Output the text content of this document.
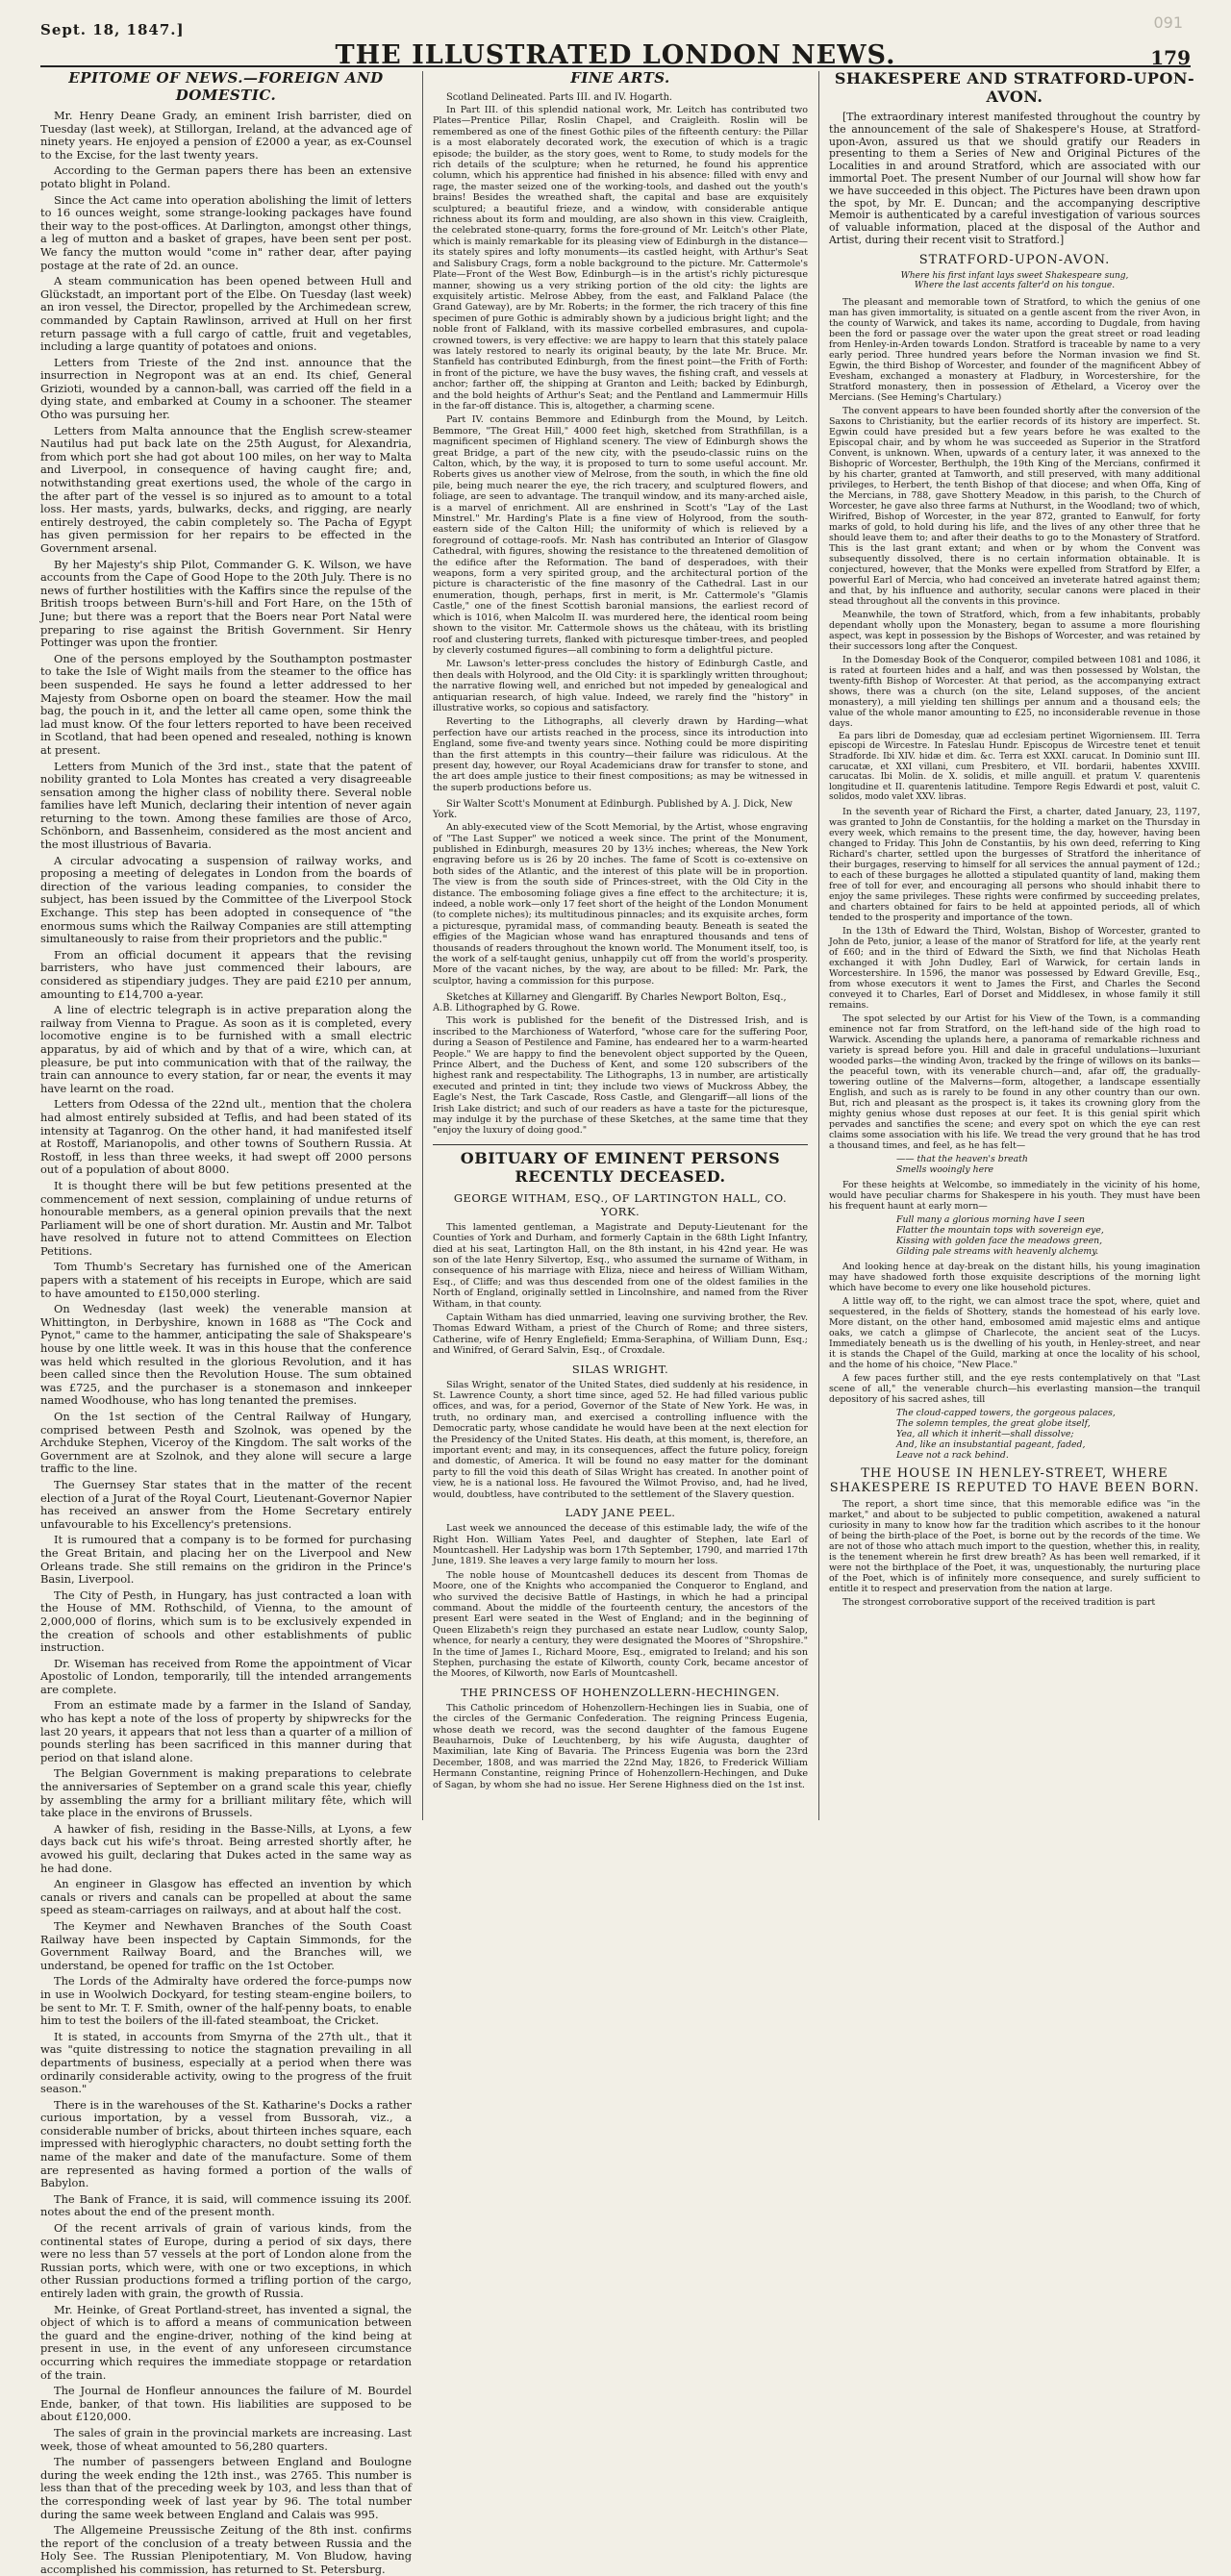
Sept. 18, 1847.]
THE ILLUSTRATED LONDON NEWS.	179
091
EPITOME OF NEWS.—FOREIGN AND DOMESTIC.

Mr. Henry Deane Grady, an eminent Irish barrister, died on Tuesday (last week), at Stillorgan, Ireland, at the advanced age of ninety years. He enjoyed a pension of £2000 a year, as ex-Counsel to the Excise, for the last twenty years.

According to the German papers there has been an extensive potato blight in Poland.

Since the Act came into operation abolishing the limit of letters to 16 ounces weight, some strange-looking packages have found their way to the post-offices. At Darlington, amongst other things, a leg of mutton and a basket of grapes, have been sent per post. We fancy the mutton would "come in" rather dear, after paying postage at the rate of 2d. an ounce.

A steam communication has been opened between Hull and Glückstadt, an important port of the Elbe. On Tuesday (last week) an iron vessel, the Director, propelled by the Archimedean screw, commanded by Captain Rawlinson, arrived at Hull on her first return passage with a full cargo of cattle, fruit and vegetables, including a large quantity of potatoes and onions.

Letters from Trieste of the 2nd inst. announce that the insurrection in Negropont was at an end. Its chief, General Grizioti, wounded by a cannon-ball, was carried off the field in a dying state, and embarked at Coumy in a schooner. The steamer Otho was pursuing her.

Letters from Malta announce that the English screw-steamer Nautilus had put back late on the 25th August, for Alexandria, from which port she had got about 100 miles, on her way to Malta and Liverpool, in consequence of having caught fire; and, notwithstanding great exertions used, the whole of the cargo in the after part of the vessel is so injured as to amount to a total loss. Her masts, yards, bulwarks, decks, and rigging, are nearly entirely destroyed, the cabin completely so. The Pacha of Egypt has given permission for her repairs to be effected in the Government arsenal.

By her Majesty's ship Pilot, Commander G. K. Wilson, we have accounts from the Cape of Good Hope to the 20th July. There is no news of further hostilities with the Kaffirs since the repulse of the British troops between Burn's-hill and Fort Hare, on the 15th of June; but there was a report that the Boers near Port Natal were preparing to rise against the British Government. Sir Henry Pottinger was upon the frontier.

One of the persons employed by the Southampton postmaster to take the Isle of Wight mails from the steamer to the office has been suspended. He says he found a letter addressed to her Majesty from Osborne open on board the steamer. How the mail bag, the pouch in it, and the letter all came open, some think the lad must know. Of the four letters reported to have been received in Scotland, that had been opened and resealed, nothing is known at present.

Letters from Munich of the 3rd inst., state that the patent of nobility granted to Lola Montes has created a very disagreeable sensation among the higher class of nobility there. Several noble families have left Munich, declaring their intention of never again returning to the town. Among these families are those of Arco, Schönborn, and Bassenheim, considered as the most ancient and the most illustrious of Bavaria.

A circular advocating a suspension of railway works, and proposing a meeting of delegates in London from the boards of direction of the various leading companies, to consider the subject, has been issued by the Committee of the Liverpool Stock Exchange. This step has been adopted in consequence of "the enormous sums which the Railway Companies are still attempting simultaneously to raise from their proprietors and the public."

From an official document it appears that the revising barristers, who have just commenced their labours, are considered as stipendiary judges. They are paid £210 per annum, amounting to £14,700 a-year.

A line of electric telegraph is in active preparation along the railway from Vienna to Prague. As soon as it is completed, every locomotive engine is to be furnished with a small electric apparatus, by aid of which and by that of a wire, which can, at pleasure, be put into communication with that of the railway, the train can announce to every station, far or near, the events it may have learnt on the road.

Letters from Odessa of the 22nd ult., mention that the cholera had almost entirely subsided at Teflis, and had been stated of its intensity at Taganrog. On the other hand, it had manifested itself at Rostoff, Marianopolis, and other towns of Southern Russia. At Rostoff, in less than three weeks, it had swept off 2000 persons out of a population of about 8000.

It is thought there will be but few petitions presented at the commencement of next session, complaining of undue returns of honourable members, as a general opinion prevails that the next Parliament will be one of short duration. Mr. Austin and Mr. Talbot have resolved in future not to attend Committees on Election Petitions.

Tom Thumb's Secretary has furnished one of the American papers with a statement of his receipts in Europe, which are said to have amounted to £150,000 sterling.

On Wednesday (last week) the venerable mansion at Whittington, in Derbyshire, known in 1688 as "The Cock and Pynot," came to the hammer, anticipating the sale of Shakspeare's house by one little week. It was in this house that the conference was held which resulted in the glorious Revolution, and it has been called since then the Revolution House. The sum obtained was £725, and the purchaser is a stonemason and innkeeper named Woodhouse, who has long tenanted the premises.

On the 1st section of the Central Railway of Hungary, comprised between Pesth and Szolnok, was opened by the Archduke Stephen, Viceroy of the Kingdom. The salt works of the Government are at Szolnok, and they alone will secure a large traffic to the line.

The Guernsey Star states that in the matter of the recent election of a Jurat of the Royal Court, Lieutenant-Governor Napier has received an answer from the Home Secretary entirely unfavourable to his Excellency's pretensions.

It is rumoured that a company is to be formed for purchasing the Great Britain, and placing her on the Liverpool and New Orleans trade. She still remains on the gridiron in the Prince's Basin, Liverpool.

The City of Pesth, in Hungary, has just contracted a loan with the House of MM. Rothschild, of Vienna, to the amount of 2,000,000 of florins, which sum is to be exclusively expended in the creation of schools and other establishments of public instruction.

Dr. Wiseman has received from Rome the appointment of Vicar Apostolic of London, temporarily, till the intended arrangements are complete.

From an estimate made by a farmer in the Island of Sanday, who has kept a note of the loss of property by shipwrecks for the last 20 years, it appears that not less than a quarter of a million of pounds sterling has been sacrificed in this manner during that period on that island alone.

The Belgian Government is making preparations to celebrate the anniversaries of September on a grand scale this year, chiefly by assembling the army for a brilliant military fête, which will take place in the environs of Brussels.

A hawker of fish, residing in the Basse-Nills, at Lyons, a few days back cut his wife's throat. Being arrested shortly after, he avowed his guilt, declaring that Dukes acted in the same way as he had done.

An engineer in Glasgow has effected an invention by which canals or rivers and canals can be propelled at about the same speed as steam-carriages on railways, and at about half the cost.

The Keymer and Newhaven Branches of the South Coast Railway have been inspected by Captain Simmonds, for the Government Railway Board, and the Branches will, we understand, be opened for traffic on the 1st October.

The Lords of the Admiralty have ordered the force-pumps now in use in Woolwich Dockyard, for testing steam-engine boilers, to be sent to Mr. T. F. Smith, owner of the half-penny boats, to enable him to test the boilers of the ill-fated steamboat, the Cricket.

It is stated, in accounts from Smyrna of the 27th ult., that it was "quite distressing to notice the stagnation prevailing in all departments of business, especially at a period when there was ordinarily considerable activity, owing to the progress of the fruit season."

There is in the warehouses of the St. Katharine's Docks a rather curious importation, by a vessel from Bussorah, viz., a considerable number of bricks, about thirteen inches square, each impressed with hieroglyphic characters, no doubt setting forth the name of the maker and date of the manufacture. Some of them are represented as having formed a portion of the walls of Babylon.

The Bank of France, it is said, will commence issuing its 200f. notes about the end of the present month.

Of the recent arrivals of grain of various kinds, from the continental states of Europe, during a period of six days, there were no less than 57 vessels at the port of London alone from the Russian ports, which were, with one or two exceptions, in which other Russian productions formed a trifling portion of the cargo, entirely laden with grain, the growth of Russia.

Mr. Heinke, of Great Portland-street, has invented a signal, the object of which is to afford a means of communication between the guard and the engine-driver, nothing of the kind being at present in use, in the event of any unforeseen circumstance occurring which requires the immediate stoppage or retardation of the train.

The Journal de Honfleur announces the failure of M. Bourdel Ende, banker, of that town. His liabilities are supposed to be about £120,000.

The sales of grain in the provincial markets are increasing. Last week, those of wheat amounted to 56,280 quarters.

The number of passengers between England and Boulogne during the week ending the 12th inst., was 2765. This number is less than that of the preceding week by 103, and less than that of the corresponding week of last year by 96. The total number during the same week between England and Calais was 995.

The Allgemeine Preussische Zeitung of the 8th inst. confirms the report of the conclusion of a treaty between Russia and the Holy See. The Russian Plenipotentiary, M. Von Bludow, having accomplished his commission, has returned to St. Petersburg.

FINE ARTS.
Scotland Delineated. Parts III. and IV. Hogarth.

In Part III. of this splendid national work, Mr. Leitch has contributed two Plates—Prentice Pillar, Roslin Chapel, and Craigleith. Roslin will be remembered as one of the finest Gothic piles of the fifteenth century: the Pillar is a most elaborately decorated work, the execution of which is a tragic episode; the builder, as the story goes, went to Rome, to study models for the rich details of the sculpture; when he returned, he found his apprentice column, which his apprentice had finished in his absence: filled with envy and rage, the master seized one of the working-tools, and dashed out the youth's brains! Besides the wreathed shaft, the capital and base are exquisitely sculptured; a beautiful frieze, and a window, with considerable antique richness about its form and moulding, are also shown in this view. Craigleith, the celebrated stone-quarry, forms the fore-ground of Mr. Leitch's other Plate, which is mainly remarkable for its pleasing view of Edinburgh in the distance—its stately spires and lofty monuments—its castled height, with Arthur's Seat and Salisbury Crags, form a noble background to the picture. Mr. Cattermole's Plate—Front of the West Bow, Edinburgh—is in the artist's richly picturesque manner, showing us a very striking portion of the old city: the lights are exquisitely artistic. Melrose Abbey, from the east, and Falkland Palace (the Grand Gateway), are by Mr. Roberts; in the former, the rich tracery of this fine specimen of pure Gothic is admirably shown by a judicious bright light; and the noble front of Falkland, with its massive corbelled embrasures, and cupola-crowned towers, is very effective: we are happy to learn that this stately palace was lately restored to nearly its original beauty, by the late Mr. Bruce. Mr. Stanfield has contributed Edinburgh, from the finest point—the Frith of Forth: in front of the picture, we have the busy waves, the fishing craft, and vessels at anchor; farther off, the shipping at Granton and Leith; backed by Edinburgh, and the bold heights of Arthur's Seat; and the Pentland and Lammermuir Hills in the far-off distance. This is, altogether, a charming scene.

Part IV. contains Bemmore and Edinburgh from the Mound, by Leitch. Bemmore, "The Great Hill," 4000 feet high, sketched from Strathfillan, is a magnificent specimen of Highland scenery. The view of Edinburgh shows the great Bridge, a part of the new city, with the pseudo-classic ruins on the Calton, which, by the way, it is proposed to turn to some useful account. Mr. Roberts gives us another view of Melrose, from the south, in which the fine old pile, being much nearer the eye, the rich tracery, and sculptured flowers, and foliage, are seen to advantage. The tranquil window, and its many-arched aisle, is a marvel of enrichment. All are enshrined in Scott's "Lay of the Last Minstrel." Mr. Harding's Plate is a fine view of Holyrood, from the south-eastern side of the Calton Hill; the uniformity of which is relieved by a foreground of cottage-roofs. Mr. Nash has contributed an Interior of Glasgow Cathedral, with figures, showing the resistance to the threatened demolition of the edifice after the Reformation. The band of desperadoes, with their weapons, form a very spirited group, and the architectural portion of the picture is characteristic of the fine masonry of the Cathedral. Last in our enumeration, though, perhaps, first in merit, is Mr. Cattermole's "Glamis Castle," one of the finest Scottish baronial mansions, the earliest record of which is 1016, when Malcolm II. was murdered here, the identical room being shown to the visitor. Mr. Cattermole shows us the château, with its bristling roof and clustering turrets, flanked with picturesque timber-trees, and peopled by cleverly costumed figures—all combining to form a delightful picture.

Mr. Lawson's letter-press concludes the history of Edinburgh Castle, and then deals with Holyrood, and the Old City: it is sparklingly written throughout; the narrative flowing well, and enriched but not impeded by genealogical and antiquarian research, of high value. Indeed, we rarely find the "history" in illustrative works, so copious and satisfactory.

Reverting to the Lithographs, all cleverly drawn by Harding—what perfection have our artists reached in the process, since its introduction into England, some five-and twenty years since. Nothing could be more dispiriting than the first attempts in this country—their failure was ridiculous. At the present day, however, our Royal Academicians draw for transfer to stone, and the art does ample justice to their finest compositions; as may be witnessed in the superb productions before us.

Sir Walter Scott's Monument at Edinburgh. Published by A. J. Dick, New York.

An ably-executed view of the Scott Memorial, by the Artist, whose engraving of "The Last Supper" we noticed a week since. The print of the Monument, published in Edinburgh, measures 20 by 13½ inches; whereas, the New York engraving before us is 26 by 20 inches. The fame of Scott is co-extensive on both sides of the Atlantic, and the interest of this plate will be in proportion. The view is from the south side of Princes-street, with the Old City in the distance. The embosoming foliage gives a fine effect to the architecture; it is, indeed, a noble work—only 17 feet short of the height of the London Monument (to complete niches); its multitudinous pinnacles; and its exquisite arches, form a picturesque, pyramidal mass, of commanding beauty. Beneath is seated the effigies of the Magician whose wand has enraptured thousands and tens of thousands of readers throughout the known world. The Monument itself, too, is the work of a self-taught genius, unhappily cut off from the world's prosperity. More of the vacant niches, by the way, are about to be filled: Mr. Park, the sculptor, having a commission for this purpose.

Sketches at Killarney and Glengariff. By Charles Newport Bolton, Esq., A.B. Lithographed by G. Rowe.

This work is published for the benefit of the Distressed Irish, and is inscribed to the Marchioness of Waterford, "whose care for the suffering Poor, during a Season of Pestilence and Famine, has endeared her to a warm-hearted People." We are happy to find the benevolent object supported by the Queen, Prince Albert, and the Duchess of Kent, and some 120 subscribers of the highest rank and respectability. The Lithographs, 13 in number, are artistically executed and printed in tint; they include two views of Muckross Abbey, the Eagle's Nest, the Tark Cascade, Ross Castle, and Glengariff—all lions of the Irish Lake district; and such of our readers as have a taste for the picturesque, may indulge it by the purchase of these Sketches, at the same time that they "enjoy the luxury of doing good."

OBITUARY OF EMINENT PERSONS RECENTLY DECEASED.
GEORGE WITHAM, ESQ., OF LARTINGTON HALL, CO. YORK.

This lamented gentleman, a Magistrate and Deputy-Lieutenant for the Counties of York and Durham, and formerly Captain in the 68th Light Infantry, died at his seat, Lartington Hall, on the 8th instant, in his 42nd year. He was son of the late Henry Silvertop, Esq., who assumed the surname of Witham, in consequence of his marriage with Eliza, niece and heiress of William Witham, Esq., of Cliffe; and was thus descended from one of the oldest families in the North of England, originally settled in Lincolnshire, and named from the River Witham, in that county.

Captain Witham has died unmarried, leaving one surviving brother, the Rev. Thomas Edward Witham, a priest of the Church of Rome; and three sisters, Catherine, wife of Henry Englefield; Emma-Seraphina, of William Dunn, Esq.; and Winifred, of Gerard Salvin, Esq., of Croxdale.

SILAS WRIGHT.

Silas Wright, senator of the United States, died suddenly at his residence, in St. Lawrence County, a short time since, aged 52. He had filled various public offices, and was, for a period, Governor of the State of New York. He was, in truth, no ordinary man, and exercised a controlling influence with the Democratic party, whose candidate he would have been at the next election for the Presidency of the United States. His death, at this moment, is, therefore, an important event; and may, in its consequences, affect the future policy, foreign and domestic, of America. It will be found no easy matter for the dominant party to fill the void this death of Silas Wright has created. In another point of view, he is a national loss. He favoured the Wilmot Proviso, and, had he lived, would, doubtless, have contributed to the settlement of the Slavery question.

LADY JANE PEEL.

Last week we announced the decease of this estimable lady, the wife of the Right Hon. William Yates Peel, and daughter of Stephen, late Earl of Mountcashell. Her Ladyship was born 17th September, 1790, and married 17th June, 1819. She leaves a very large family to mourn her loss.

The noble house of Mountcashell deduces its descent from Thomas de Moore, one of the Knights who accompanied the Conqueror to England, and who survived the decisive Battle of Hastings, in which he had a principal command. About the middle of the fourteenth century, the ancestors of the present Earl were seated in the West of England; and in the beginning of Queen Elizabeth's reign they purchased an estate near Ludlow, county Salop, whence, for nearly a century, they were designated the Moores of "Shropshire." In the time of James I., Richard Moore, Esq., emigrated to Ireland; and his son Stephen, purchasing the estate of Kilworth, county Cork, became ancestor of the Moores, of Kilworth, now Earls of Mountcashell.

THE PRINCESS OF HOHENZOLLERN-HECHINGEN.

This Catholic princedom of Hohenzollern-Hechingen lies in Suabia, one of the circles of the Germanic Confederation. The reigning Princess Eugenia, whose death we record, was the second daughter of the famous Eugene Beauharnois, Duke of Leuchtenberg, by his wife Augusta, daughter of Maximilian, late King of Bavaria. The Princess Eugenia was born the 23rd December, 1808, and was married the 22nd May, 1826, to Frederick William Hermann Constantine, reigning Prince of Hohenzollern-Hechingen, and Duke of Sagan, by whom she had no issue. Her Serene Highness died on the 1st inst.

SHAKESPERE AND STRATFORD-UPON-AVON.

[The extraordinary interest manifested throughout the country by the announcement of the sale of Shakespere's House, at Stratford-upon-Avon, assured us that we should gratify our Readers in presenting to them a Series of New and Original Pictures of the Localities in and around Stratford, which are associated with our immortal Poet. The present Number of our Journal will show how far we have succeeded in this object. The Pictures have been drawn upon the spot, by Mr. E. Duncan; and the accompanying descriptive Memoir is authenticated by a careful investigation of various sources of valuable information, placed at the disposal of the Author and Artist, during their recent visit to Stratford.]

STRATFORD-UPON-AVON.
Where his first infant lays sweet Shakespeare sung,
Where the last accents falter'd on his tongue.

The pleasant and memorable town of Stratford, to which the genius of one man has given immortality, is situated on a gentle ascent from the river Avon, in the county of Warwick, and takes its name, according to Dugdale, from having been the ford or passage over the water upon the great street or road leading from Henley-in-Arden towards London. Stratford is traceable by name to a very early period. Three hundred years before the Norman invasion we find St. Egwin, the third Bishop of Worcester, and founder of the magnificent Abbey of Evesham, exchanged a monastery at Fladbury, in Worcestershire, for the Stratford monastery, then in possession of Æthelard, a Viceroy over the Mercians. (See Heming's Chartulary.)

The convent appears to have been founded shortly after the conversion of the Saxons to Christianity, but the earlier records of its history are imperfect. St. Egwin could have presided but a few years before he was exalted to the Episcopal chair, and by whom he was succeeded as Superior in the Stratford Convent, is unknown. When, upwards of a century later, it was annexed to the Bishopric of Worcester, Berthulph, the 19th King of the Mercians, confirmed it by his charter, granted at Tamworth, and still preserved, with many additional privileges, to Herbert, the tenth Bishop of that diocese; and when Offa, King of the Mercians, in 788, gave Shottery Meadow, in this parish, to the Church of Worcester, he gave also three farms at Nuthurst, in the Woodland; two of which, Wirifred, Bishop of Worcester, in the year 872, granted to Eanwulf, for forty marks of gold, to hold during his life, and the lives of any other three that he should leave them to; and after their deaths to go to the Monastery of Stratford. This is the last grant extant; and when or by whom the Convent was subsequently dissolved, there is no certain information obtainable. It is conjectured, however, that the Monks were expelled from Stratford by Elfer, a powerful Earl of Mercia, who had conceived an inveterate hatred against them; and that, by his influence and authority, secular canons were placed in their stead throughout all the convents in this province.

Meanwhile, the town of Stratford, which, from a few inhabitants, probably dependant wholly upon the Monastery, began to assume a more flourishing aspect, was kept in possession by the Bishops of Worcester, and was retained by their successors long after the Conquest.

In the Domesday Book of the Conqueror, compiled between 1081 and 1086, it is rated at fourteen hides and a half, and was then possessed by Wolstan, the twenty-fifth Bishop of Worcester. At that period, as the accompanying extract shows, there was a church (on the site, Leland supposes, of the ancient monastery), a mill yielding ten shillings per annum and a thousand eels; the value of the whole manor amounting to £25, no inconsiderable revenue in those days.

Ea pars libri de Domesday, quæ ad ecclesiam pertinet Wigorniensem. III. Terra episcopi de Wircestre. In Fateslau Hundr. Episcopus de Wircestre tenet et tenuit Stradforde. Ibi XIV. hidæ et dim. &c. Terra est XXXI. carucat. In Dominio sunt III. carucatæ, et XXI villani, cum Presbitero, et VII. bordarii, habentes XXVIII. carucatas. Ibi Molin. de X. solidis, et mille anguill. et pratum V. quarentenis longitudine et II. quarentenis latitudine. Tempore Regis Edwardi et post, valuit C. solidos, modo valet XXV. libras.

In the seventh year of Richard the First, a charter, dated January, 23, 1197, was granted to John de Constantiis, for the holding a market on the Thursday in every week, which remains to the present time, the day, however, having been changed to Friday. This John de Constantiis, by his own deed, referring to King Richard's charter, settled upon the burgesses of Stratford the inheritance of their burgages, reserving to himself for all services the annual payment of 12d.; to each of these burgages he allotted a stipulated quantity of land, making them free of toll for ever, and encouraging all persons who should inhabit there to enjoy the same privileges. These rights were confirmed by succeeding prelates, and charters obtained for fairs to be held at appointed periods, all of which tended to the prosperity and importance of the town.

In the 13th of Edward the Third, Wolstan, Bishop of Worcester, granted to John de Peto, junior, a lease of the manor of Stratford for life, at the yearly rent of £60; and in the third of Edward the Sixth, we find that Nicholas Heath exchanged it with John Dudley, Earl of Warwick, for certain lands in Worcestershire. In 1596, the manor was possessed by Edward Greville, Esq., from whose executors it went to James the First, and Charles the Second conveyed it to Charles, Earl of Dorset and Middlesex, in whose family it still remains.

The spot selected by our Artist for his View of the Town, is a commanding eminence not far from Stratford, on the left-hand side of the high road to Warwick. Ascending the uplands here, a panorama of remarkable richness and variety is spread before you. Hill and dale in graceful undulations—luxuriant wooded parks—the winding Avon, tracked by the fringe of willows on its banks—the peaceful town, with its venerable church—and, afar off, the gradually-towering outline of the Malverns—form, altogether, a landscape essentially English, and such as is rarely to be found in any other country than our own. But, rich and pleasant as the prospect is, it takes its crowning glory from the mighty genius whose dust reposes at our feet. It is this genial spirit which pervades and sanctifies the scene; and every spot on which the eye can rest claims some association with his life. We tread the very ground that he has trod a thousand times, and feel, as he has felt—

—— that the heaven's breath
Smells wooingly here

For these heights at Welcombe, so immediately in the vicinity of his home, would have peculiar charms for Shakespere in his youth. They must have been his frequent haunt at early morn—

Full many a glorious morning have I seen
Flatter the mountain tops with sovereign eye,
Kissing with golden face the meadows green,
Gilding pale streams with heavenly alchemy.

And looking hence at day-break on the distant hills, his young imagination may have shadowed forth those exquisite descriptions of the morning light which have become to every one like household pictures.

A little way off, to the right, we can almost trace the spot, where, quiet and sequestered, in the fields of Shottery, stands the homestead of his early love. More distant, on the other hand, embosomed amid majestic elms and antique oaks, we catch a glimpse of Charlecote, the ancient seat of the Lucys. Immediately beneath us is the dwelling of his youth, in Henley-street, and near it is stands the Chapel of the Guild, marking at once the locality of his school, and the home of his choice, "New Place."

A few paces further still, and the eye rests contemplatively on that "Last scene of all," the venerable church—his everlasting mansion—the tranquil depository of his sacred ashes, till

The cloud-capped towers, the gorgeous palaces,
The solemn temples, the great globe itself,
Yea, all which it inherit—shall dissolve;
And, like an insubstantial pageant, faded,
Leave not a rack behind.
THE HOUSE IN HENLEY-STREET, WHERE SHAKESPERE IS REPUTED TO HAVE BEEN BORN.

The report, a short time since, that this memorable edifice was "in the market," and about to be subjected to public competition, awakened a natural curiosity in many to know how far the tradition which ascribes to it the honour of being the birth-place of the Poet, is borne out by the records of the time. We are not of those who attach much import to the question, whether this, in reality, is the tenement wherein he first drew breath? As has been well remarked, if it were not the birthplace of the Poet, it was, unquestionably, the nurturing place of the Poet, which is of infinitely more consequence, and surely sufficient to entitle it to respect and preservation from the nation at large.

The strongest corroborative support of the received tradition is part
